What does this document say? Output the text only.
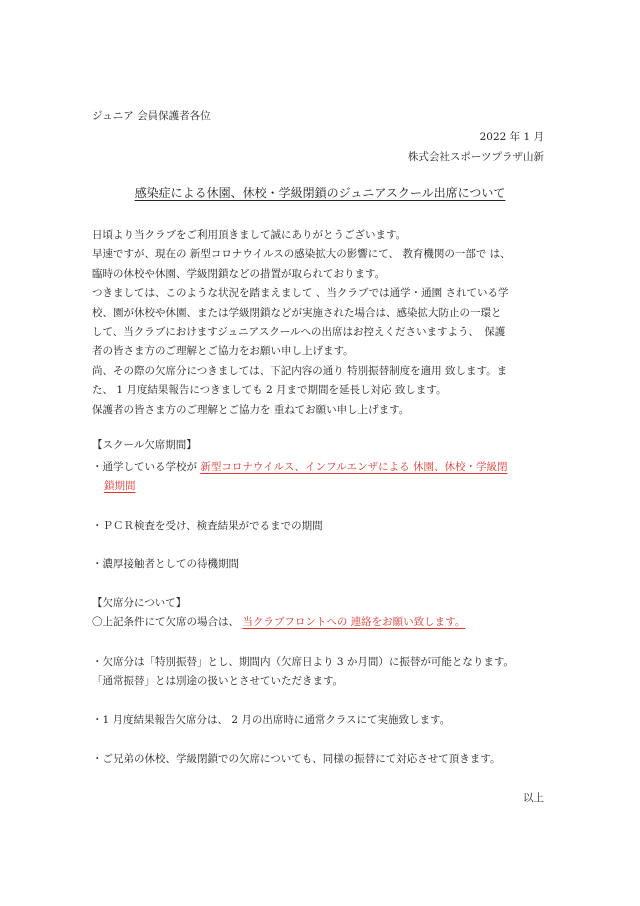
ジュニア 会員保護者各位
2022 年 1 月
株式会社スポーツプラザ山新
感染症による休園、休校・学級閉鎖のジュニアスクール出席について

日頃より当クラブをご利用頂きまして誠にありがとうございます。

早速ですが、現在の 新型コロナウイルスの感染拡大の影響にて、 教育機関の一部で は、

臨時の休校や休園、学級閉鎖などの措置が取られております。

つきましては、このような状況を踏まえまして 、当クラブでは通学・通園 されている学

校、園が休校や休園、または学級閉鎖などが実施された場合は、感染拡大防止の一環と

して、当クラブにおけますジュニアスクールへの出席はお控えくださいますよう、　保護

者の皆さま方のご理解とご協力をお願い申し上げます。

尚、その際の欠席分につきましては、下記内容の通り 特別振替制度を適用 致します。ま

た、 1 月度結果報告につきましても 2 月まで期間を延長し対応 致します。

保護者の皆さま方のご理解とご協力を 重ねてお願い申し上げます。

【スクール欠席期間】
・通学している学校が 新型コロナウイルス、インフルエンザによる 休園、休校・学級閉
鎖期間
・ＰＣＲ検査を受け、検査結果がでるまでの期間
・濃厚接触者としての待機期間
【欠席分について】
〇上記条件にて欠席の場合は、 当クラブフロントへの 連絡をお願い致します。
・欠席分は「特別振替」とし、期間内（欠席日より 3 か月間）に振替が可能となります。
「通常振替」とは別途の扱いとさせていただきます。
・1 月度結果報告欠席分は、 2 月の出席時に通常クラスにて実施致します。
・ご兄弟の休校、学級閉鎖での欠席についても、同様の振替にて対応させて頂きます。
以上
